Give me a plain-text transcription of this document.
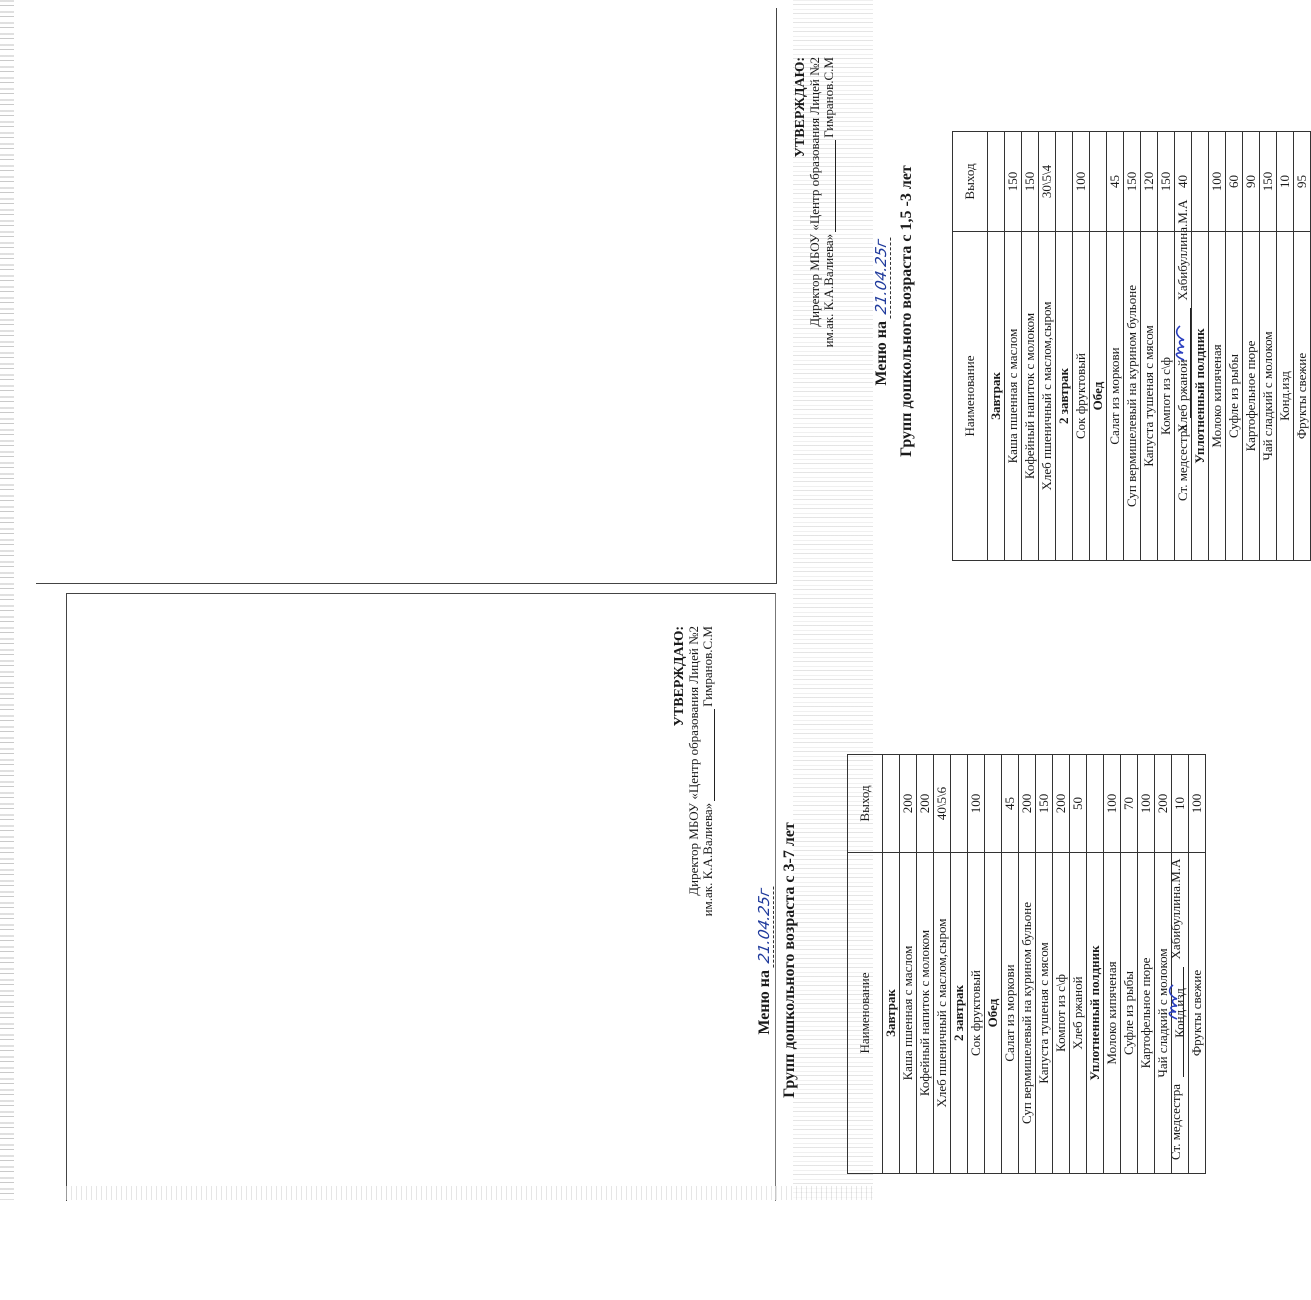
УТВЕРЖДАЮ: Директор МБОУ «Центр образования Лицей №2 им.ак. К.А.Валиева»Гимранов.С.М
Меню на 21.04.25г Групп дошкольного возраста с 1,5 -3 лет	Наименование	Выход
Завтрак	
Каша пшенная с маслом	150
Кофейный напиток с молоком	150
Хлеб пшеничный с маслом,сыром	30\5\4
2 завтрак	
Сок фруктовый	100
Обед	
Салат из моркови	45
Суп вермишелевый на курином бульоне	150
Капуста тушеная с мясом	120
Компот из с\ф	150
Хлеб ржаной	40
Уплотненный полдник	
Молоко кипяченая	100
Суфле из рыбы	60
Картофельное пюре	90
Чай сладкий с молоком	150
Конд.изд	10
Фрукты свежие	95
Ст. медсестра
Хабибуллина.М.А
УТВЕРЖДАЮ: Директор МБОУ «Центр образования Лицей №2 им.ак. К.А.Валиева»Гимранов.С.М
Меню на 21.04.25г Групп дошкольного возраста с 3-7 лет	Наименование	Выход
Завтрак	
Каша пшенная с маслом	200
Кофейный напиток с молоком	200
Хлеб пшеничный с маслом,сыром	40\5\6
2 завтрак	
Сок фруктовый	100
Обед	
Салат из моркови	45
Суп вермишелевый на курином бульоне	200
Капуста тушеная с мясом	150
Компот из с\ф	200
Хлеб ржаной	50
Уплотненный полдник	
Молоко кипяченая	100
Суфле из рыбы	70
Картофельное пюре	100
Чай сладкий с молоком	200
Конд.изд	10
Фрукты свежие	100
Ст. медсестра
Хабибуллина.М.А
